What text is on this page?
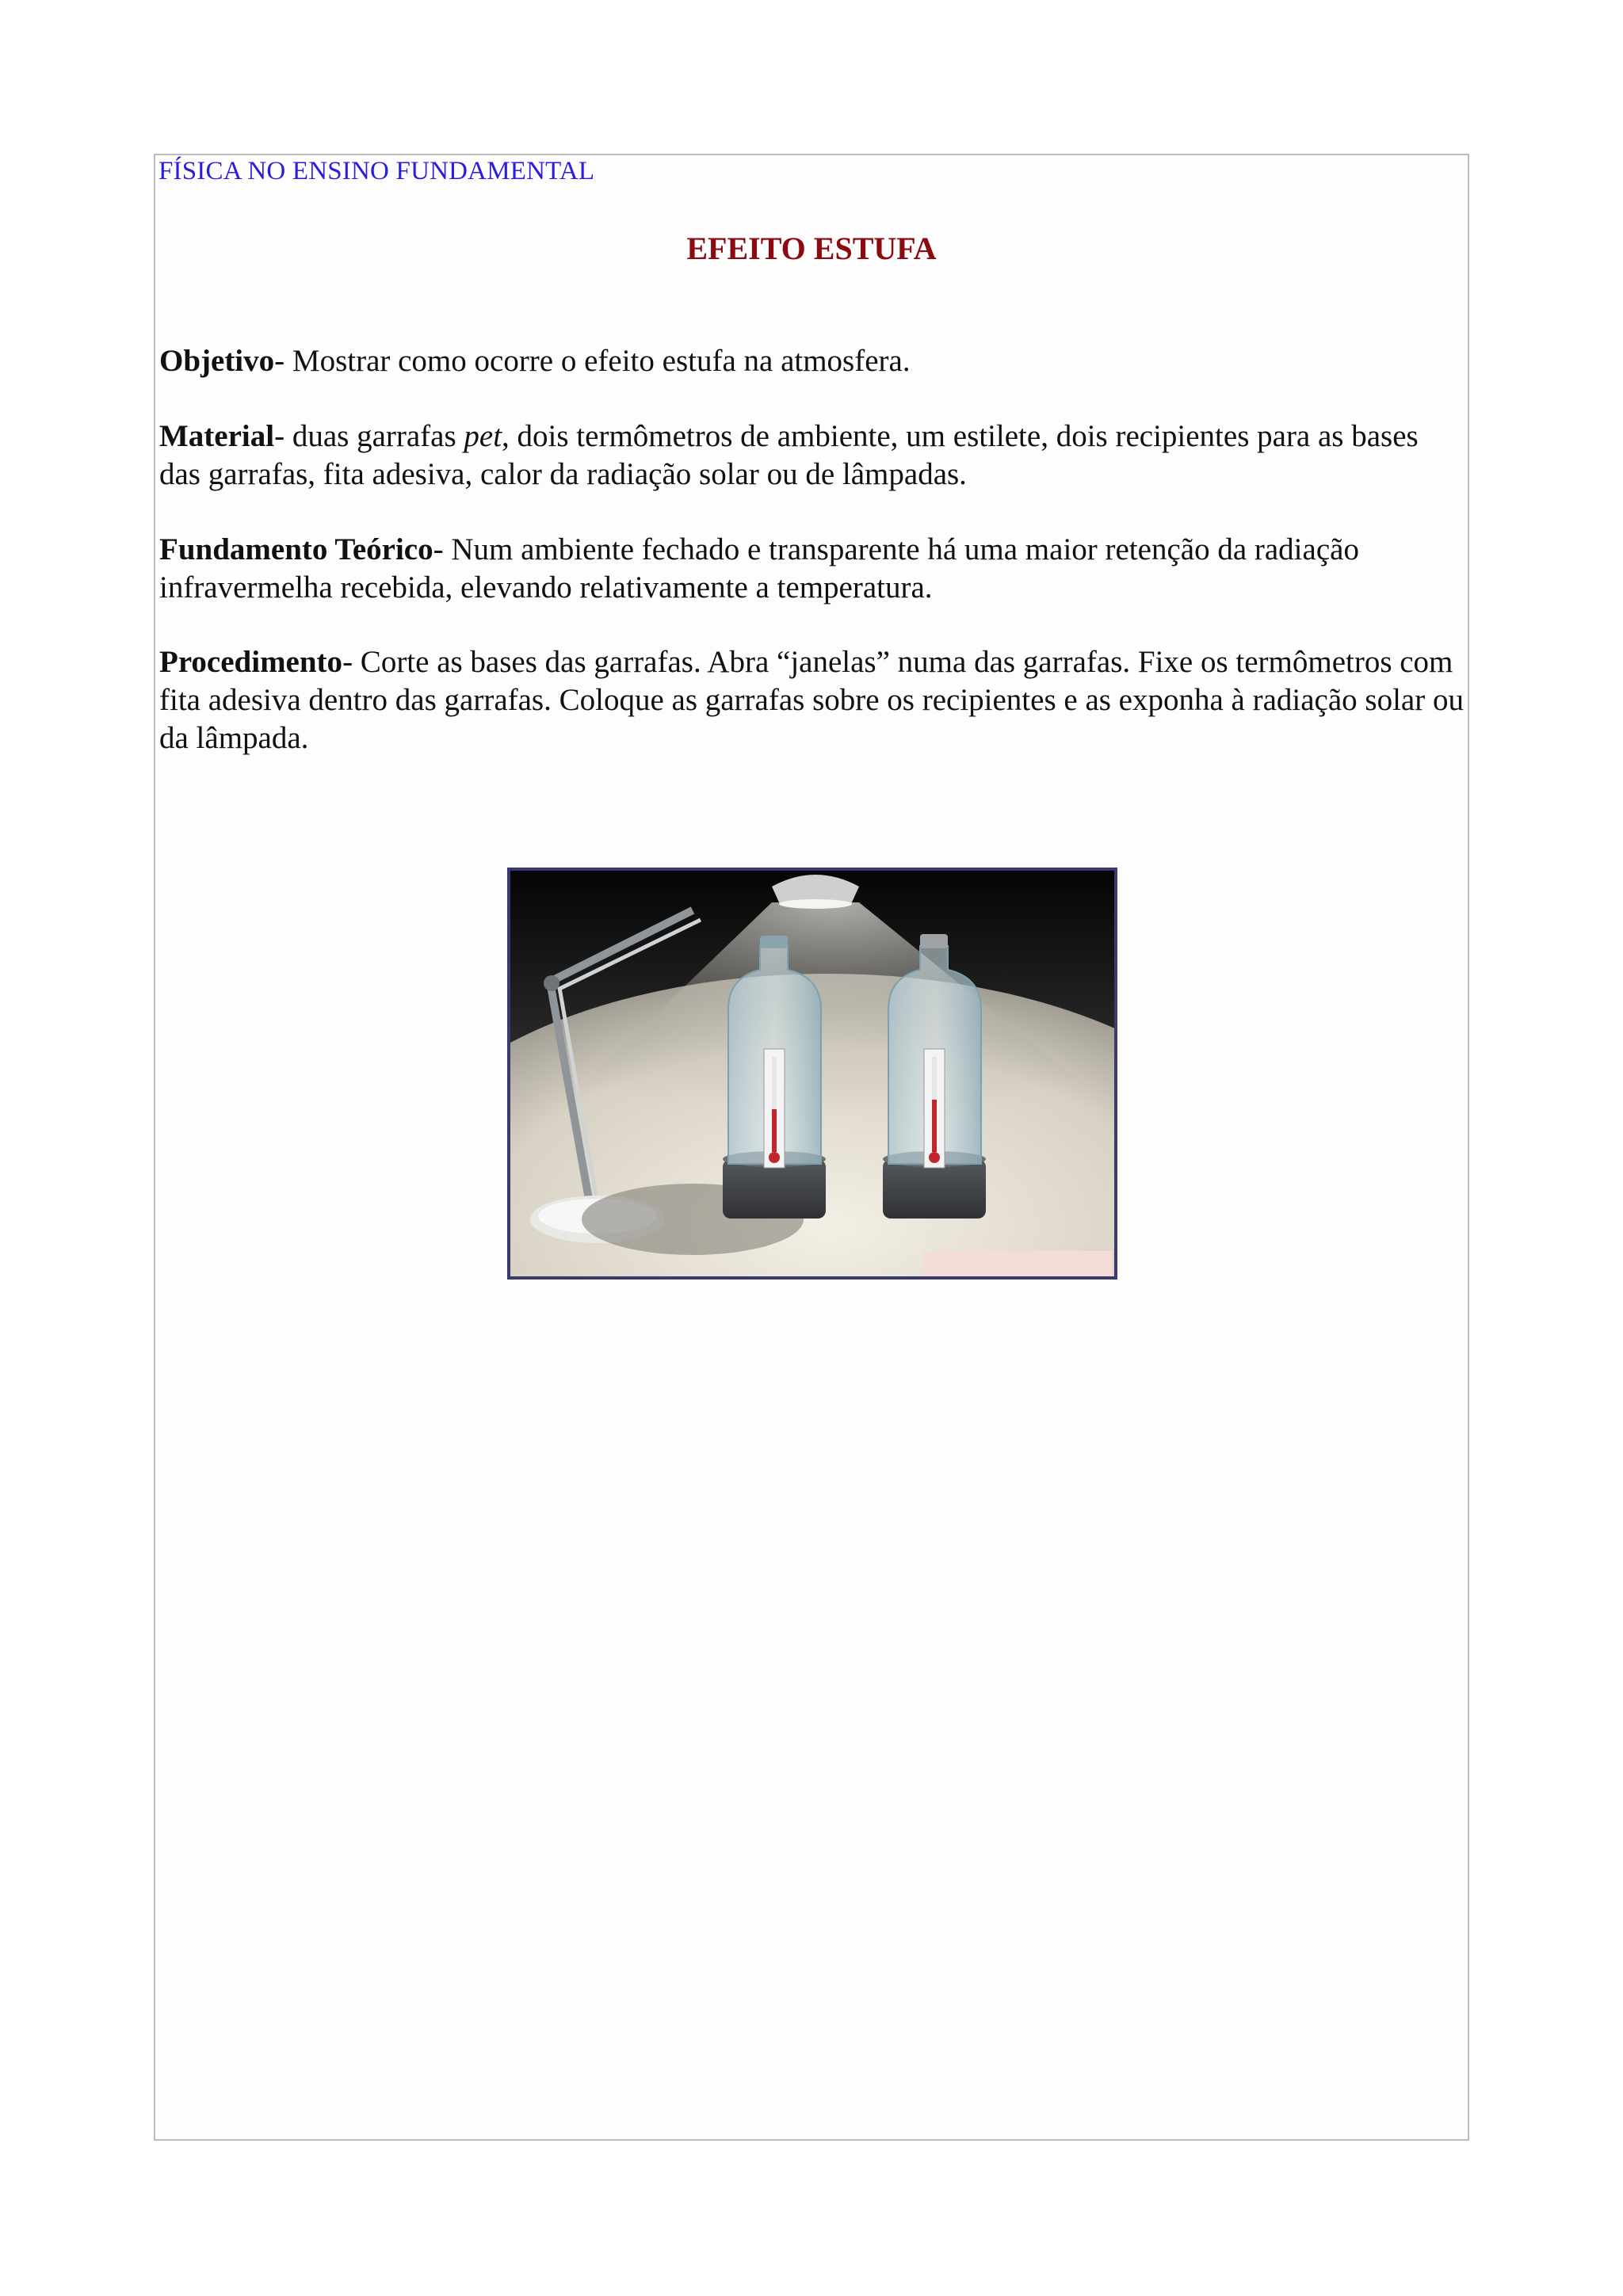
FÍSICA NO ENSINO FUNDAMENTAL
EFEITO ESTUFA

Objetivo- Mostrar como ocorre o efeito estufa na atmosfera.

Material- duas garrafas pet, dois termômetros de ambiente, um estilete, dois recipientes para as bases das garrafas, fita adesiva, calor da radiação solar ou de lâmpadas.

Fundamento Teórico- Num ambiente fechado e transparente há uma maior retenção da radiação infravermelha recebida, elevando relativamente a temperatura.

Procedimento- Corte as bases das garrafas. Abra “janelas” numa das garrafas. Fixe os termômetros com fita adesiva dentro das garrafas. Coloque as garrafas sobre os recipientes e as exponha à radiação solar ou da lâmpada.
